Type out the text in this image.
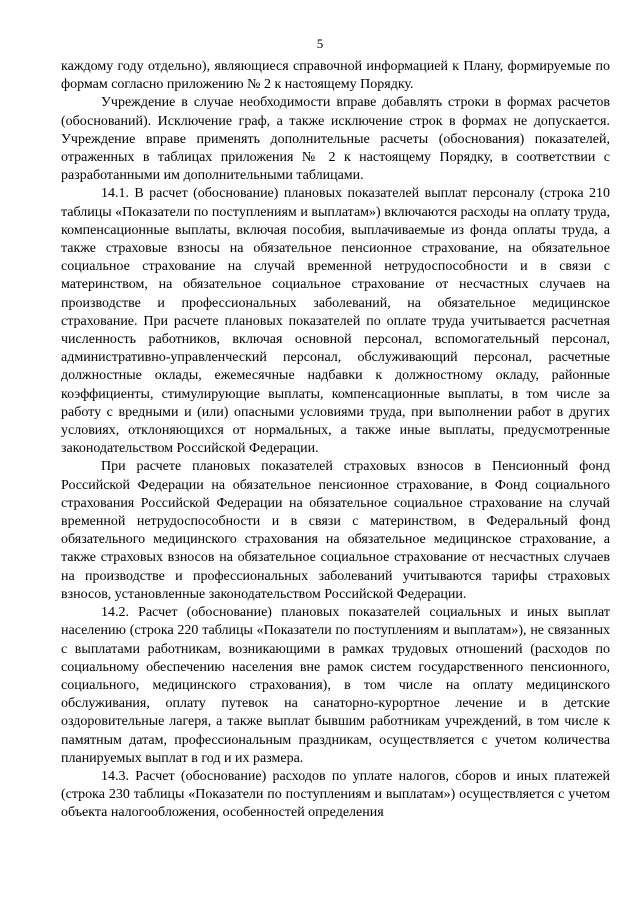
5

каждому году отдельно), являющиеся справочной информацией к Плану, формируемые по формам согласно приложению № 2 к настоящему Порядку.

Учреждение в случае необходимости вправе добавлять строки в формах расчетов (обоснований). Исключение граф, а также исключение строк в формах не допускается. Учреждение вправе применять дополнительные расчеты (обоснования) показателей, отраженных в таблицах приложения № 2 к настоящему Порядку, в соответствии с разработанными им дополнительными таблицами.

14.1. В расчет (обоснование) плановых показателей выплат персоналу (строка 210 таблицы «Показатели по поступлениям и выплатам») включаются расходы на оплату труда, компенсационные выплаты, включая пособия, выплачиваемые из фонда оплаты труда, а также страховые взносы на обязательное пенсионное страхование, на обязательное социальное страхование на случай временной нетрудоспособности и в связи с материнством, на обязательное социальное страхование от несчастных случаев на производстве и профессиональных заболеваний, на обязательное медицинское страхование. При расчете плановых показателей по оплате труда учитывается расчетная численность работников, включая основной персонал, вспомогательный персонал, административно-управленческий персонал, обслуживающий персонал, расчетные должностные оклады, ежемесячные надбавки к должностному окладу, районные коэффициенты, стимулирующие выплаты, компенсационные выплаты, в том числе за работу с вредными и (или) опасными условиями труда, при выполнении работ в других условиях, отклоняющихся от нормальных, а также иные выплаты, предусмотренные законодательством Российской Федерации.

При расчете плановых показателей страховых взносов в Пенсионный фонд Российской Федерации на обязательное пенсионное страхование, в Фонд социального страхования Российской Федерации на обязательное социальное страхование на случай временной нетрудоспособности и в связи с материнством, в Федеральный фонд обязательного медицинского страхования на обязательное медицинское страхование, а также страховых взносов на обязательное социальное страхование от несчастных случаев на производстве и профессиональных заболеваний учитываются тарифы страховых взносов, установленные законодательством Российской Федерации.

14.2. Расчет (обоснование) плановых показателей социальных и иных выплат населению (строка 220 таблицы «Показатели по поступлениям и выплатам»), не связанных с выплатами работникам, возникающими в рамках трудовых отношений (расходов по социальному обеспечению населения вне рамок систем государственного пенсионного, социального, медицинского страхования), в том числе на оплату медицинского обслуживания, оплату путевок на санаторно-курортное лечение и в детские оздоровительные лагеря, а также выплат бывшим работникам учреждений, в том числе к памятным датам, профессиональным праздникам, осуществляется с учетом количества планируемых выплат в год и их размера.

14.3. Расчет (обоснование) расходов по уплате налогов, сборов и иных платежей (строка 230 таблицы «Показатели по поступлениям и выплатам») осуществляется с учетом объекта налогообложения, особенностей определения
